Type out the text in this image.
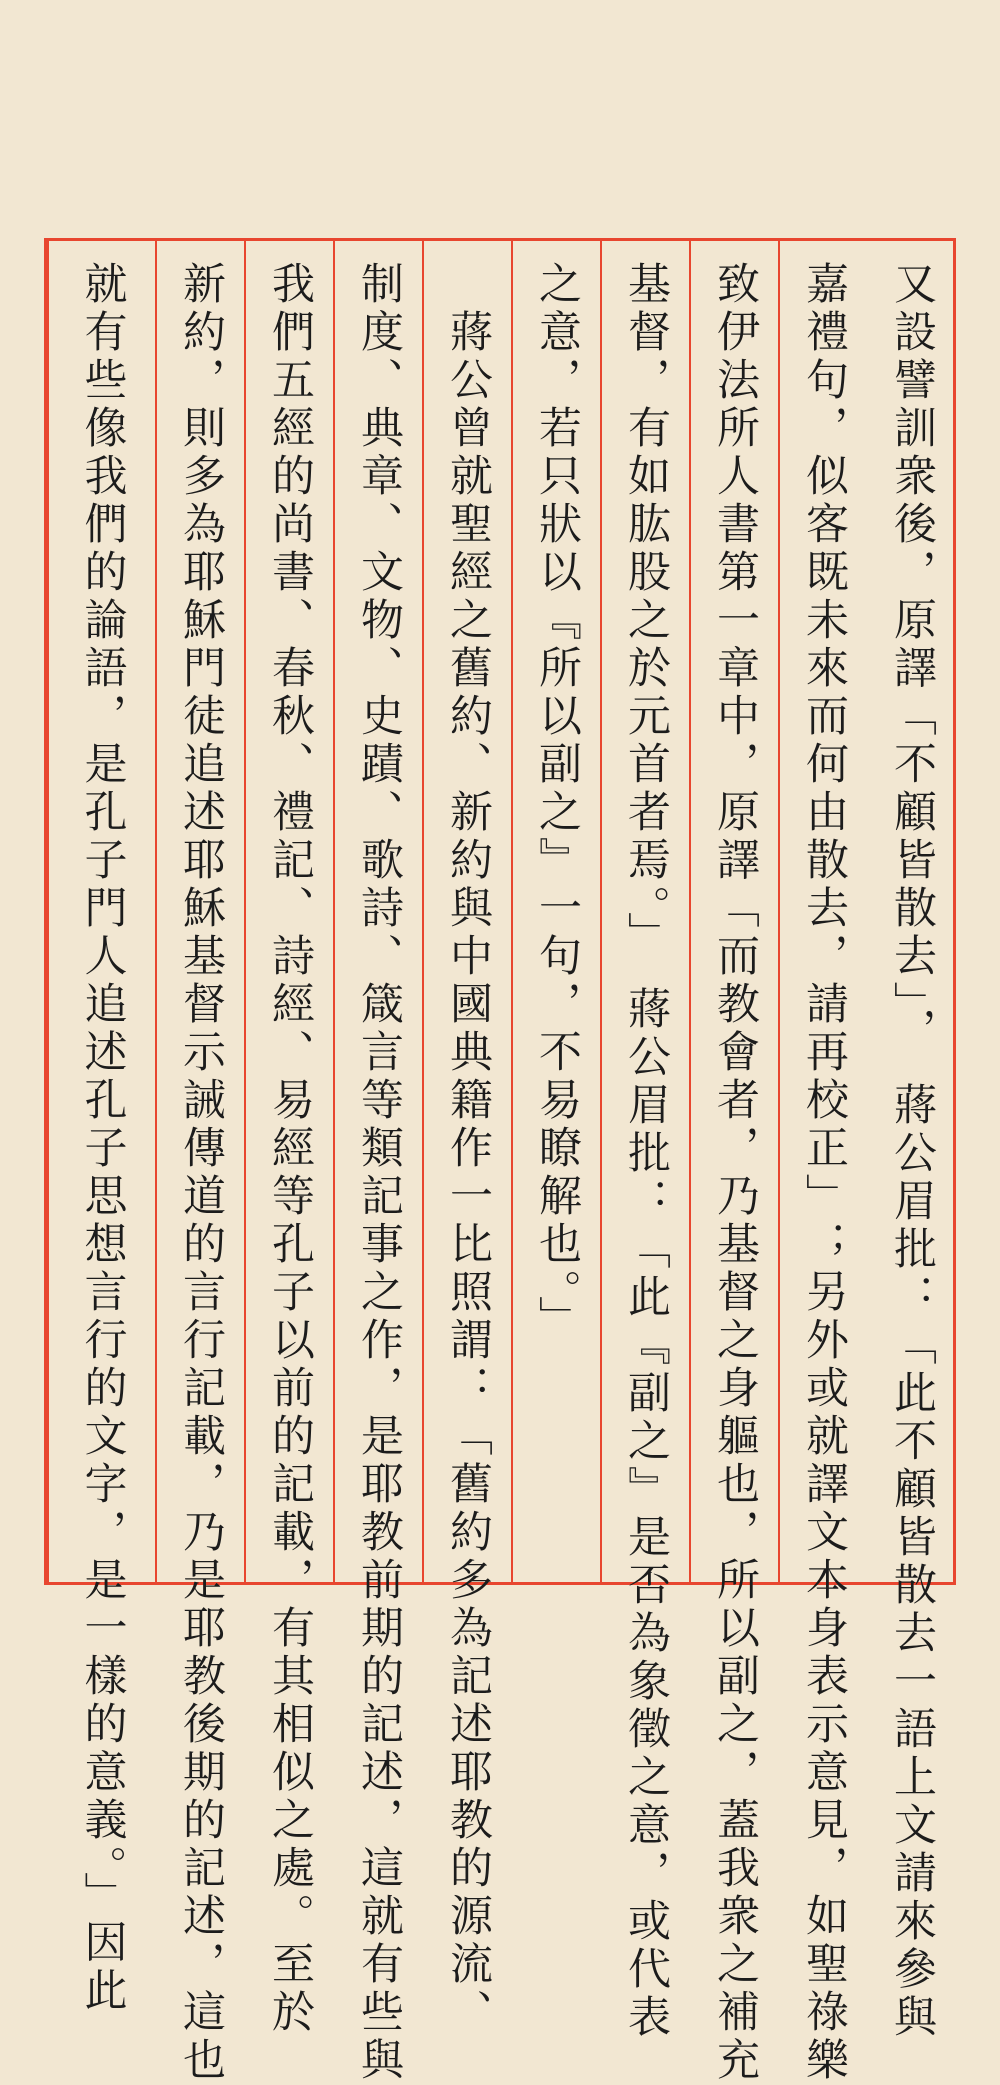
又設譬訓衆後，原譯「不顧皆散去」，　蔣公眉批：「此不顧皆散去一語上文請來參與
嘉禮句，似客既未來而何由散去，請再校正」；另外或就譯文本身表示意見，如聖祿樂
致伊法所人書第一章中，原譯「而教會者，乃基督之身軀也，所以副之，蓋我衆之補充
基督，有如肱股之於元首者焉。」　蔣公眉批：「此『副之』是否為象徵之意，或代表
之意，若只狀以『所以副之』一句，不易瞭解也。」
　蔣公曾就聖經之舊約、新約與中國典籍作一比照謂：「舊約多為記述耶教的源流、
制度、典章、文物、史蹟、歌詩、箴言等類記事之作，是耶教前期的記述，這就有些與
我們五經的尚書、春秋、禮記、詩經、易經等孔子以前的記載，有其相似之處。至於
新約，則多為耶穌門徒追述耶穌基督示誡傳道的言行記載，乃是耶教後期的記述，這也
就有些像我們的論語，是孔子門人追述孔子思想言行的文字，是一樣的意義。」因此
